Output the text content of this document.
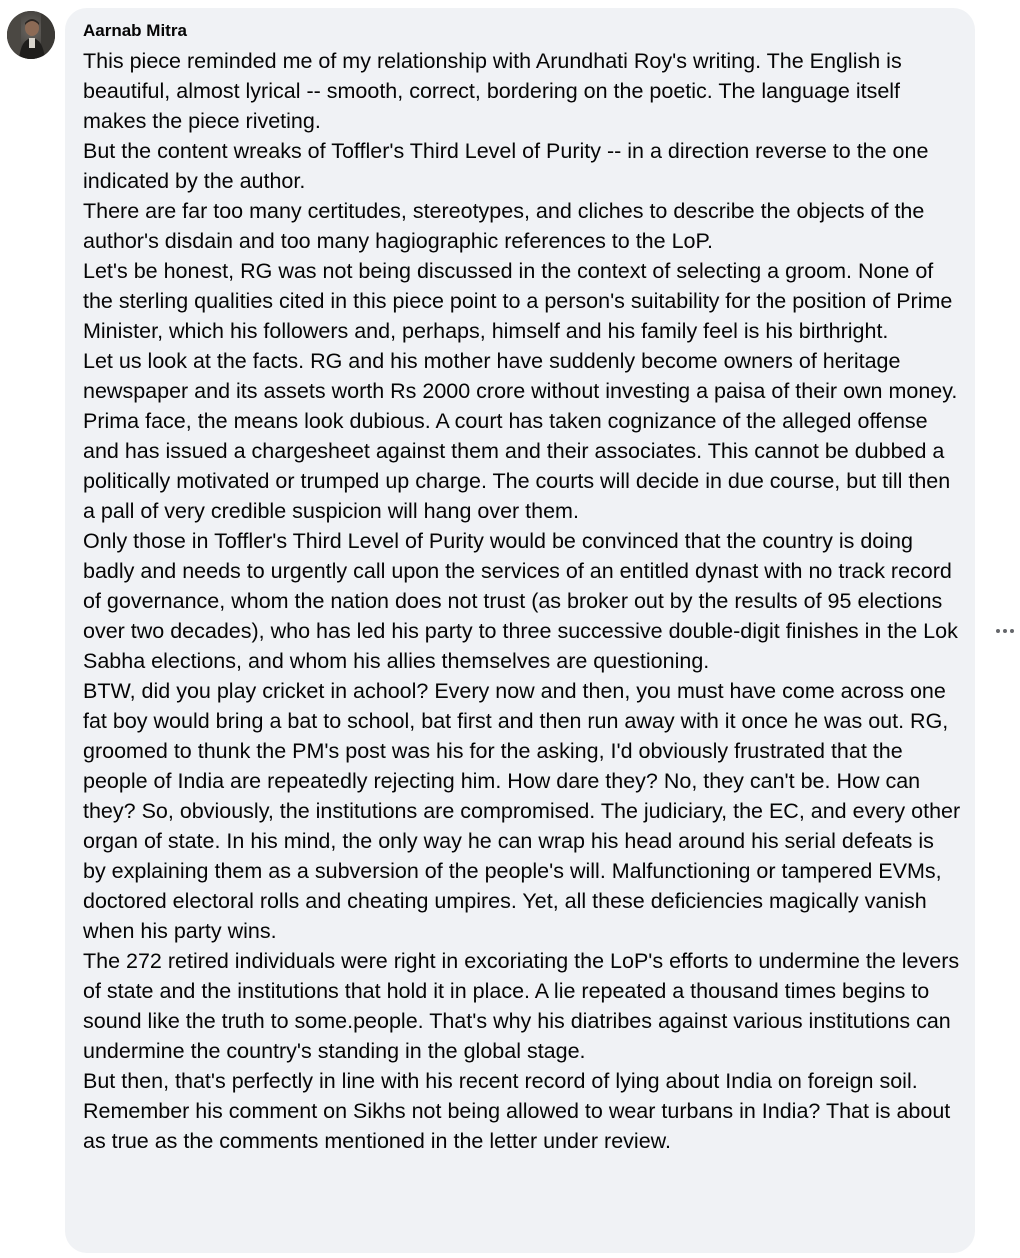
Aarnab Mitra

This piece reminded me of my relationship with Arundhati Roy's writing. The English is beautiful, almost lyrical -- smooth, correct, bordering on the poetic. The language itself makes the piece riveting.

But the content wreaks of Toffler's Third Level of Purity -- in a direction reverse to the one indicated by the author.

There are far too many certitudes, stereotypes, and cliches to describe the objects of the author's disdain and too many hagiographic references to the LoP.

Let's be honest, RG was not being discussed in the context of selecting a groom. None of the sterling qualities cited in this piece point to a person's suitability for the position of Prime Minister, which his followers and, perhaps, himself and his family feel is his birthright.

Let us look at the facts. RG and his mother have suddenly become owners of heritage newspaper and its assets worth Rs 2000 crore without investing a paisa of their own money. Prima face, the means look dubious. A court has taken cognizance of the alleged offense and has issued a chargesheet against them and their associates. This cannot be dubbed a politically motivated or trumped up charge. The courts will decide in due course, but till then a pall of very credible suspicion will hang over them.

Only those in Toffler's Third Level of Purity would be convinced that the country is doing badly and needs to urgently call upon the services of an entitled dynast with no track record of governance, whom the nation does not trust (as broker out by the results of 95 elections over two decades), who has led his party to three successive double-digit finishes in the Lok Sabha elections, and whom his allies themselves are questioning.

BTW, did you play cricket in achool? Every now and then, you must have come across one fat boy would bring a bat to school, bat first and then run away with it once he was out. RG, groomed to thunk the PM's post was his for the asking, I'd obviously frustrated that the people of India are repeatedly rejecting him. How dare they? No, they can't be. How can they? So, obviously, the institutions are compromised. The judiciary, the EC, and every other organ of state. In his mind, the only way he can wrap his head around his serial defeats is by explaining them as a subversion of the people's will. Malfunctioning or tampered EVMs, doctored electoral rolls and cheating umpires. Yet, all these deficiencies magically vanish when his party wins.

The 272 retired individuals were right in excoriating the LoP's efforts to undermine the levers of state and the institutions that hold it in place. A lie repeated a thousand times begins to sound like the truth to some.people. That's why his diatribes against various institutions can undermine the country's standing in the global stage.

But then, that's perfectly in line with his recent record of lying about India on foreign soil. Remember his comment on Sikhs not being allowed to wear turbans in India? That is about as true as the comments mentioned in the letter under review.
